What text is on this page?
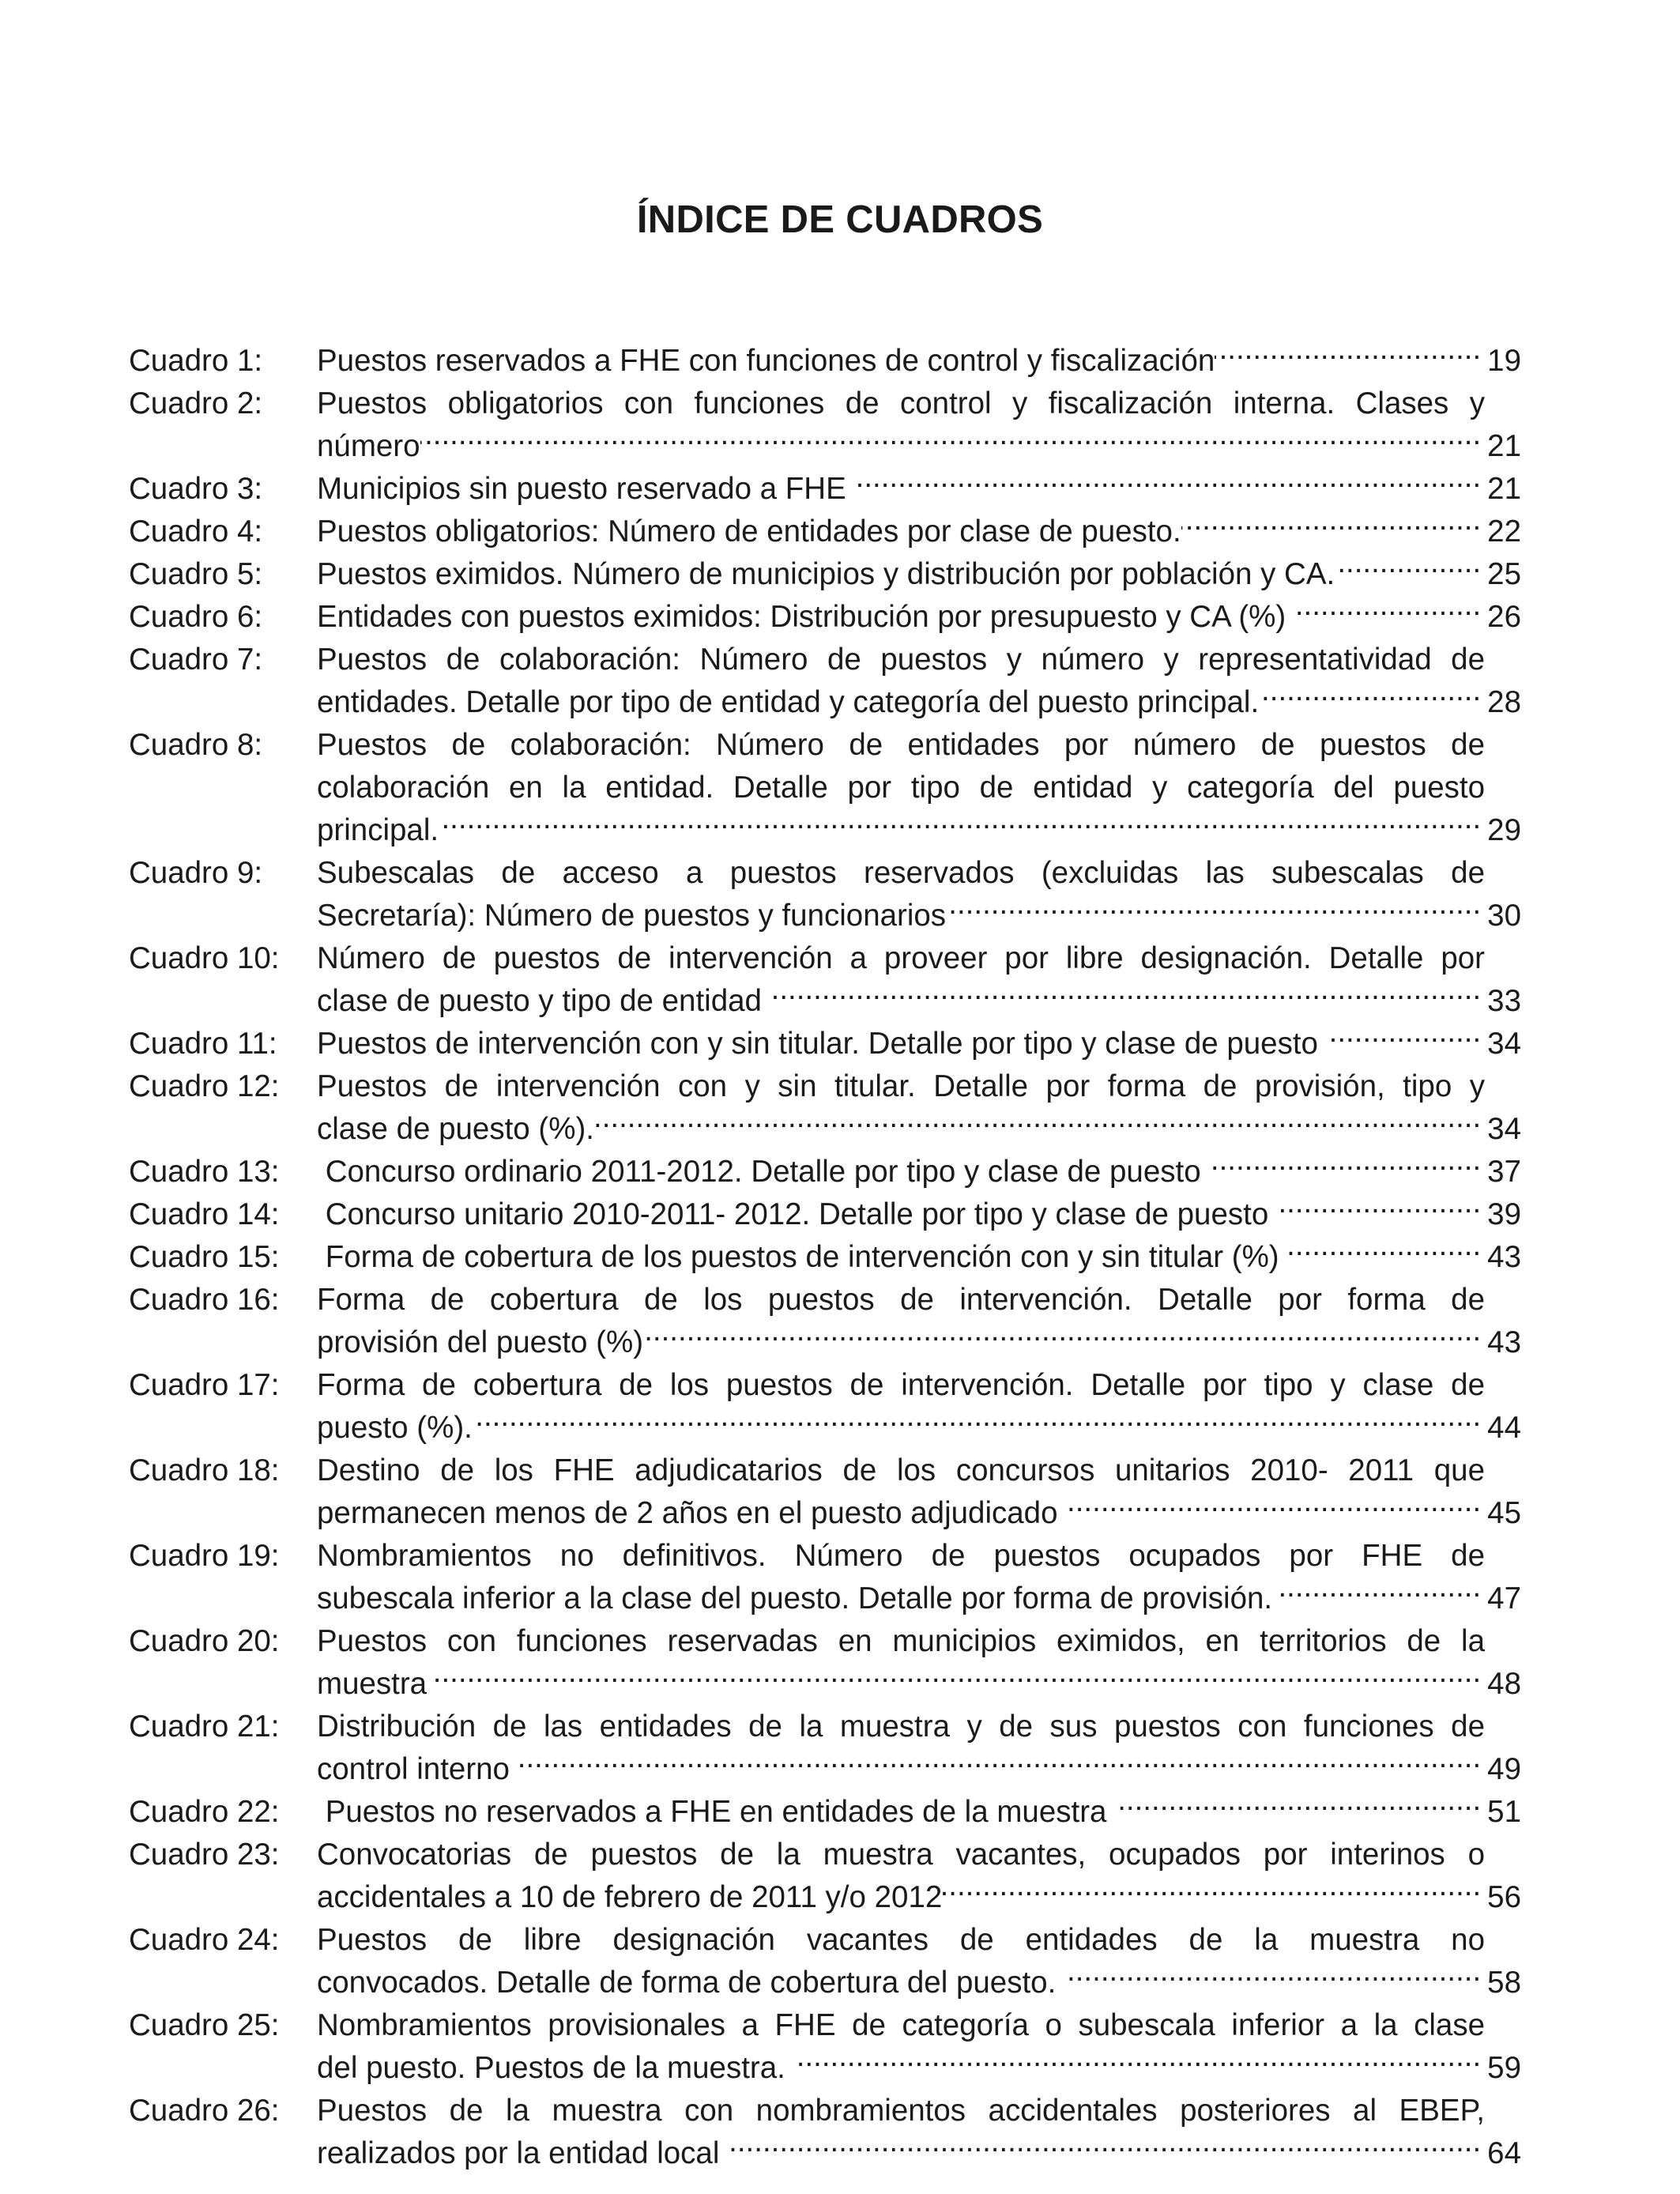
ÍNDICE DE CUADROS
Cuadro 1:	Puestos reservados a FHE con funciones de control y fiscalización .....	19
Cuadro 2:	Puestos obligatorios con funciones de control y fiscalización interna. Clases y
número .....	21
Cuadro 3:	Municipios sin puesto reservado a FHE .....	21
Cuadro 4:	Puestos obligatorios: Número de entidades por clase de puesto. .....	22
Cuadro 5:	Puestos eximidos. Número de municipios y distribución por población y CA. .....	25
Cuadro 6:	Entidades con puestos eximidos: Distribución por presupuesto y CA (%) .....	26
Cuadro 7:	Puestos de colaboración: Número de puestos y número y representatividad de
entidades. Detalle por tipo de entidad y categoría del puesto principal. .....	28
Cuadro 8:	Puestos de colaboración: Número de entidades por número de puestos de
colaboración en la entidad. Detalle por tipo de entidad y categoría del puesto
principal. .....	29
Cuadro 9:	Subescalas de acceso a puestos reservados (excluidas las subescalas de
Secretaría): Número de puestos y funcionarios .....	30
Cuadro 10:	Número de puestos de intervención a proveer por libre designación. Detalle por
clase de puesto y tipo de entidad .....	33
Cuadro 11:	Puestos de intervención con y sin titular. Detalle por tipo y clase de puesto .....	34
Cuadro 12:	Puestos de intervención con y sin titular. Detalle por forma de provisión, tipo y
clase de puesto (%). .....	34
Cuadro 13:	Concurso ordinario 2011-2012. Detalle por tipo y clase de puesto .....	37
Cuadro 14:	Concurso unitario 2010-2011- 2012. Detalle por tipo y clase de puesto .....	39
Cuadro 15:	Forma de cobertura de los puestos de intervención con y sin titular (%) .....	43
Cuadro 16:	Forma de cobertura de los puestos de intervención. Detalle por forma de
provisión del puesto (%) .....	43
Cuadro 17:	Forma de cobertura de los puestos de intervención. Detalle por tipo y clase de
puesto (%). .....	44
Cuadro 18:	Destino de los FHE adjudicatarios de los concursos unitarios 2010- 2011 que
permanecen menos de 2 años en el puesto adjudicado .....	45
Cuadro 19:	Nombramientos no definitivos. Número de puestos ocupados por FHE de
subescala inferior a la clase del puesto. Detalle por forma de provisión. .....	47
Cuadro 20:	Puestos con funciones reservadas en municipios eximidos, en territorios de la
muestra .....	48
Cuadro 21:	Distribución de las entidades de la muestra y de sus puestos con funciones de
control interno .....	49
Cuadro 22:	Puestos no reservados a FHE en entidades de la muestra .....	51
Cuadro 23:	Convocatorias de puestos de la muestra vacantes, ocupados por interinos o
accidentales a 10 de febrero de 2011 y/o 2012 .....	56
Cuadro 24:	Puestos de libre designación vacantes de entidades de la muestra no
convocados. Detalle de forma de cobertura del puesto. .....	58
Cuadro 25:	Nombramientos provisionales a FHE de categoría o subescala inferior a la clase
del puesto. Puestos de la muestra. .....	59
Cuadro 26:	Puestos de la muestra con nombramientos accidentales posteriores al EBEP,
realizados por la entidad local .....	64
